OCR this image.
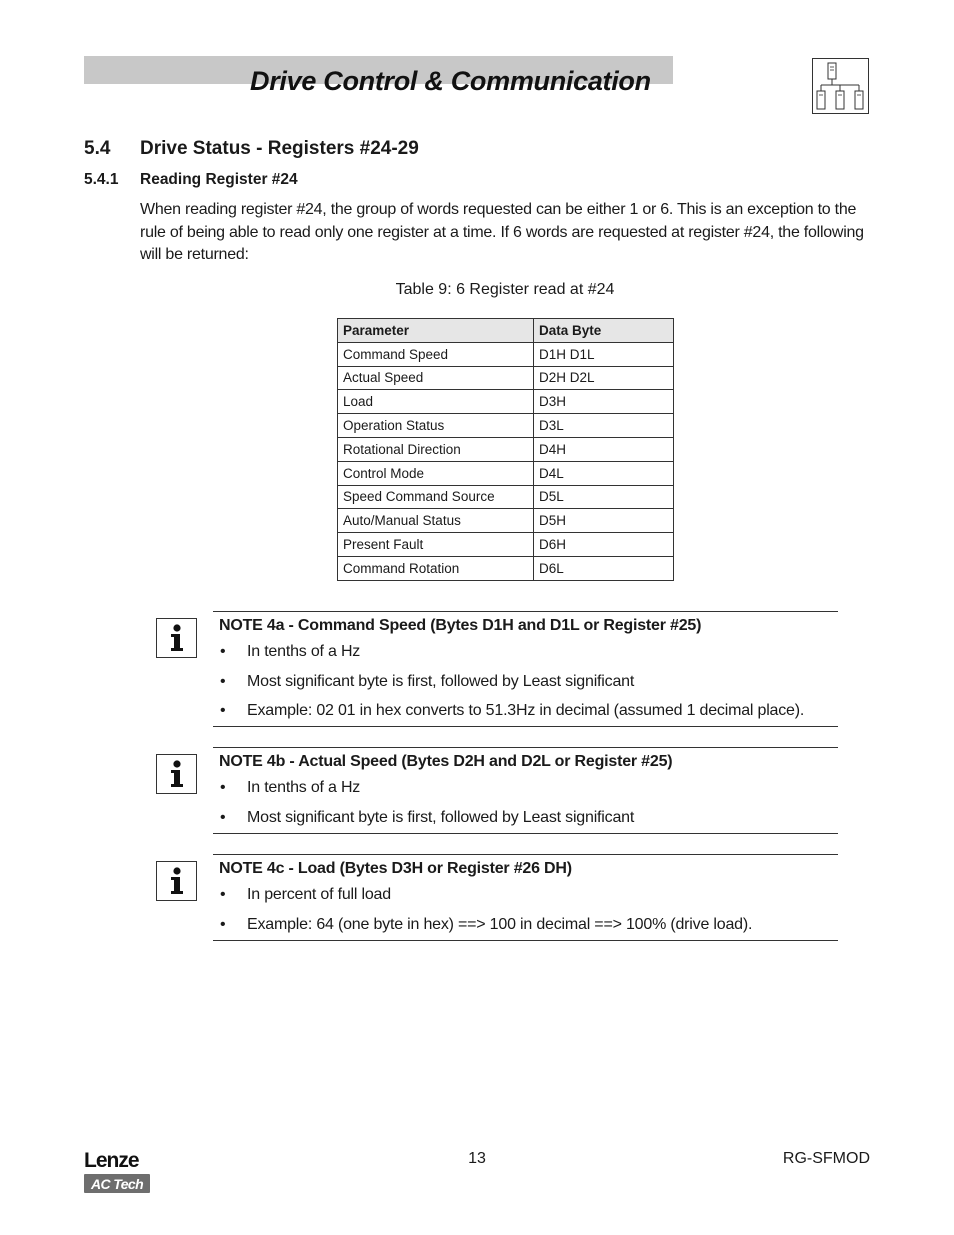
Drive Control & Communication
5.4 Drive Status - Registers #24-29
5.4.1 Reading Register #24

When reading register #24, the group of words requested can be either 1 or 6. This is an exception to the rule of being able to read only one register at a time. If 6 words are requested at register #24, the following will be returned:

Table 9: 6 Register read at #24
Parameter	Data Byte
Command Speed	D1H D1L
Actual Speed	D2H D2L
Load	D3H
Operation Status	D3L
Rotational Direction	D4H
Control Mode	D4L
Speed Command Source	D5L
Auto/Manual Status	D5H
Present Fault	D6H
Command Rotation	D6L
NOTE 4a - Command Speed (Bytes D1H and D1L or Register #25)
• In tenths of a Hz
• Most significant byte is first, followed by Least significant
• Example: 02 01 in hex converts to 51.3Hz in decimal (assumed 1 decimal place).
NOTE 4b - Actual Speed (Bytes D2H and D2L or Register #25)
• In tenths of a Hz
• Most significant byte is first, followed by Least significant
NOTE 4c - Load (Bytes D3H or Register #26 DH)
• In percent of full load
• Example: 64 (one byte in hex) ==> 100 in decimal ==> 100% (drive load).
Lenze
AC Tech
13	RG-SFMOD
